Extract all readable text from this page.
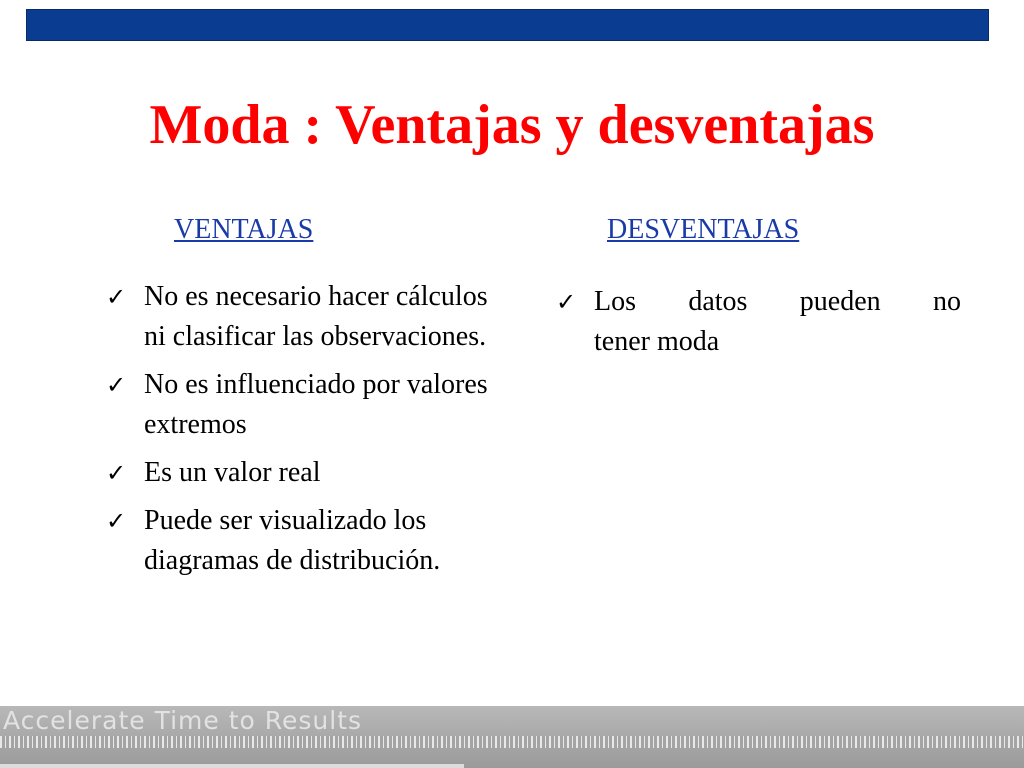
Moda : Ventajas y desventajas
VENTAJAS	DESVENTAJAS
✓ No es necesario hacer cálculos ni clasificar las observaciones.
✓ No es influenciado por valores extremos
✓ Es un valor real
✓ Puede ser visualizado los diagramas de distribución.
✓ Los datos pueden no
tener moda
Accelerate Time to Results
